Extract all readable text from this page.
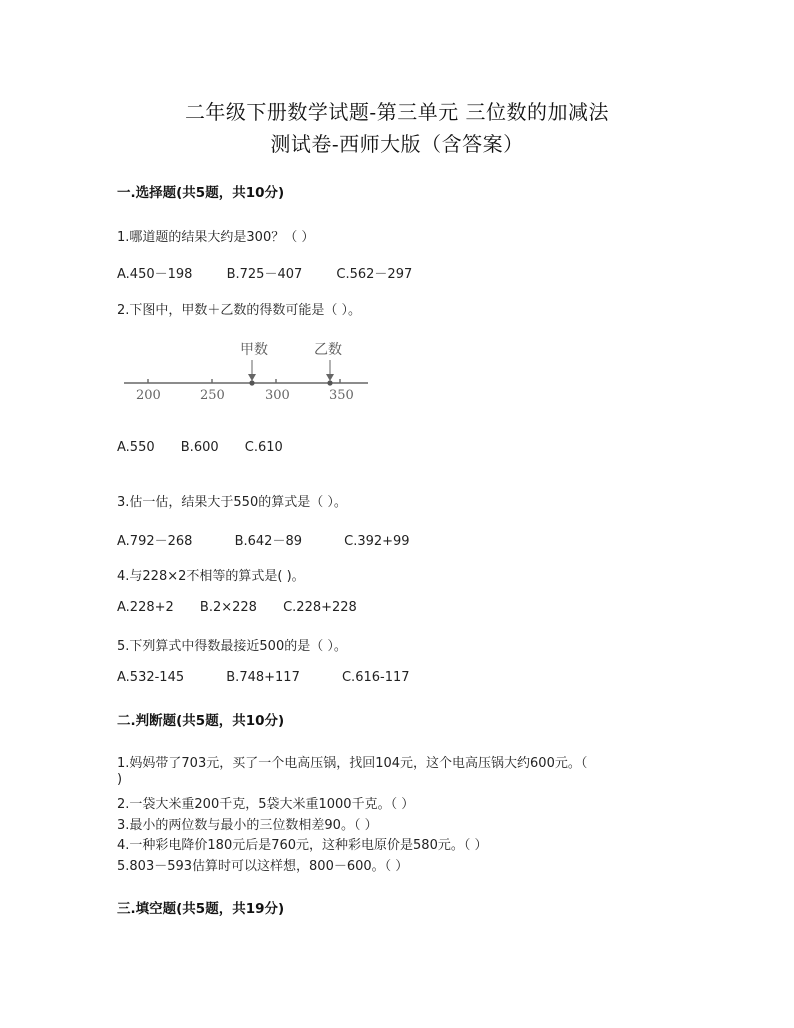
二年级下册数学试题-第三单元 三位数的加减法
测试卷-西师大版（含答案）
一.选择题(共5题，共10分)
1.哪道题的结果大约是300？（ ）
A.450－198	B.725－407	C.562－297
2.下图中，甲数＋乙数的得数可能是（ ）。
甲数	乙数
200	250	300	350
A.550 B.600 C.610
3.估一估，结果大于550的算式是（ ）。
A.792－268	B.642－89	C.392+99
4.与228×2不相等的算式是( )。
A.228+2 B.2×228 C.228+228
5.下列算式中得数最接近500的是（ ）。
A.532-145	B.748+117	C.616-117
二.判断题(共5题，共10分)
1.妈妈带了703元，买了一个电高压锅，找回104元，这个电高压锅大约600元。（
)
2.一袋大米重200千克，5袋大米重1000千克。（ ）
3.最小的两位数与最小的三位数相差90。（ ）
4.一种彩电降价180元后是760元，这种彩电原价是580元。（ ）
5.803－593估算时可以这样想，800－600。（ ）
三.填空题(共5题，共19分)
